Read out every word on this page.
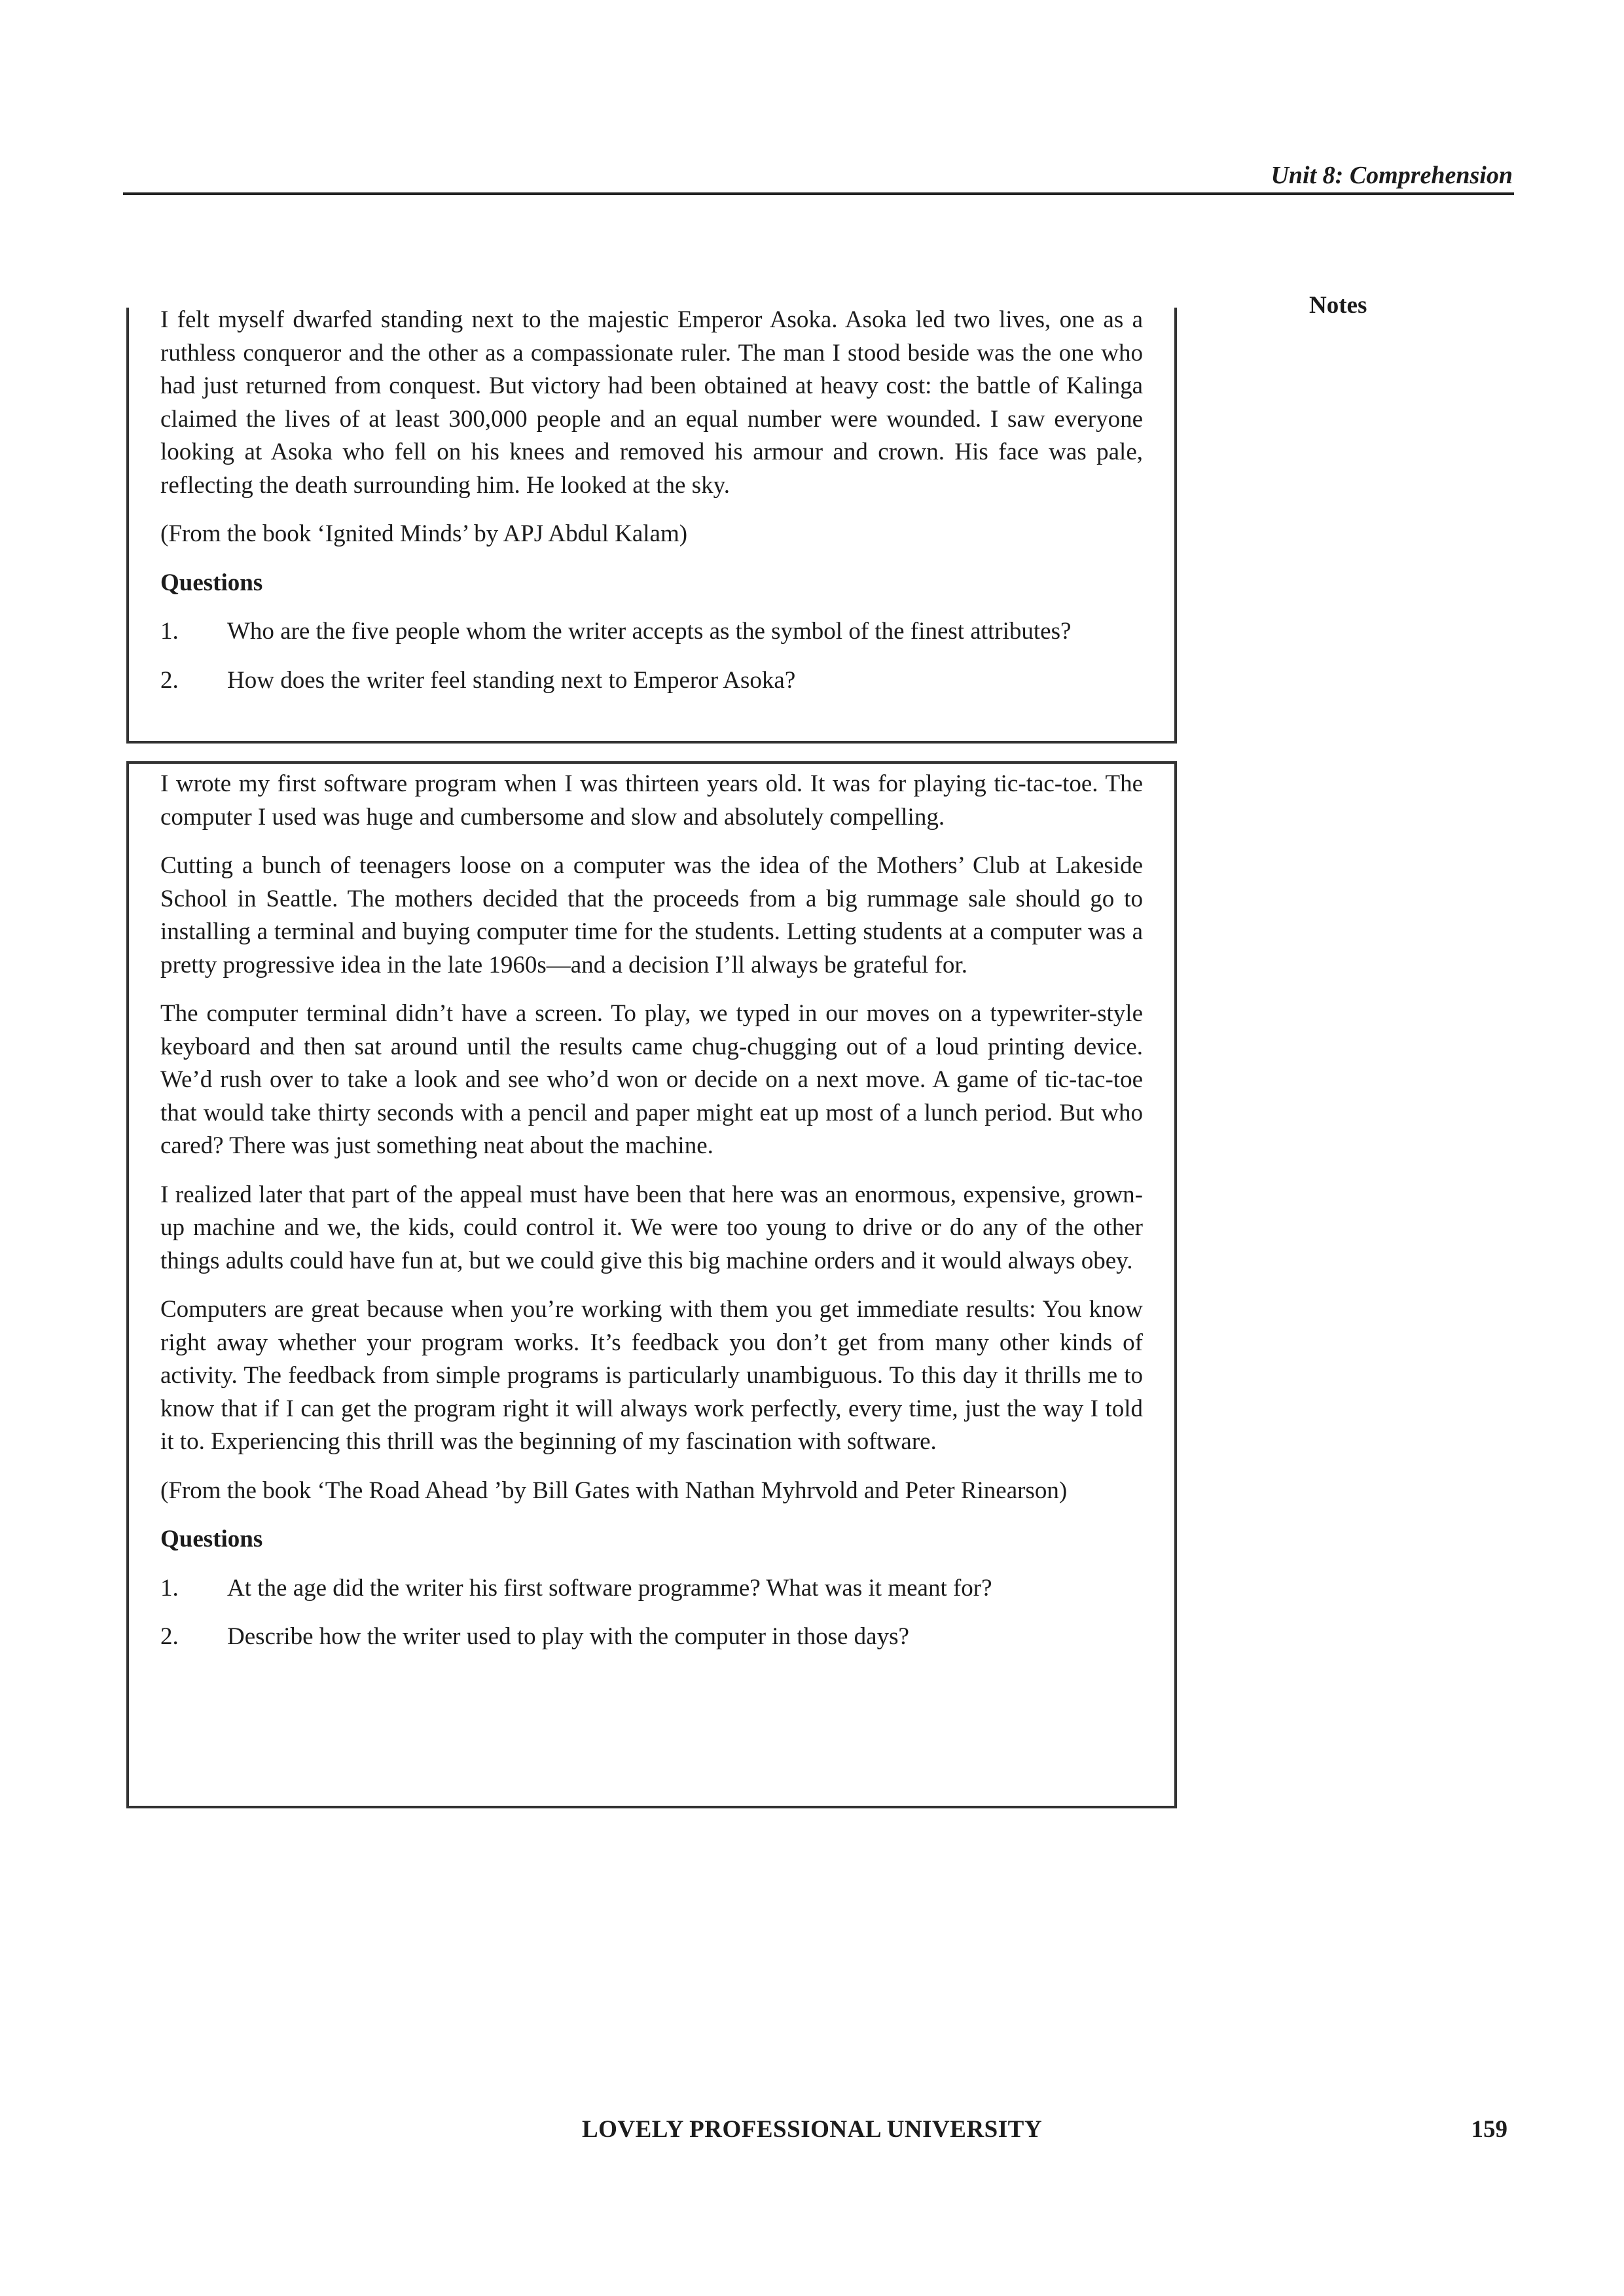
Unit 8: Comprehension
Notes

I felt myself dwarfed standing next to the majestic Emperor Asoka. Asoka led two lives, one as a ruthless conqueror and the other as a compassionate ruler. The man I stood beside was the one who had just returned from conquest. But victory had been obtained at heavy cost: the battle of Kalinga claimed the lives of at least 300,000 people and an equal number were wounded. I saw everyone looking at Asoka who fell on his knees and removed his armour and crown. His face was pale, reflecting the death surrounding him. He looked at the sky.

(From the book ‘Ignited Minds’ by APJ Abdul Kalam)

Questions
1.	Who are the five people whom the writer accepts as the symbol of the finest attributes?
2.	How does the writer feel standing next to Emperor Asoka?

I wrote my first software program when I was thirteen years old. It was for playing tic-tac-toe. The computer I used was huge and cumbersome and slow and absolutely compelling.

Cutting a bunch of teenagers loose on a computer was the idea of the Mothers’ Club at Lakeside School in Seattle. The mothers decided that the proceeds from a big rummage sale should go to installing a terminal and buying computer time for the students. Letting students at a computer was a pretty progressive idea in the late 1960s—and a decision I’ll always be grateful for.

The computer terminal didn’t have a screen. To play, we typed in our moves on a typewriter-style keyboard and then sat around until the results came chug-chugging out of a loud printing device. We’d rush over to take a look and see who’d won or decide on a next move. A game of tic-tac-toe that would take thirty seconds with a pencil and paper might eat up most of a lunch period. But who cared? There was just something neat about the machine.

I realized later that part of the appeal must have been that here was an enormous, expensive, grown-up machine and we, the kids, could control it. We were too young to drive or do any of the other things adults could have fun at, but we could give this big machine orders and it would always obey.

Computers are great because when you’re working with them you get immediate results: You know right away whether your program works. It’s feedback you don’t get from many other kinds of activity. The feedback from simple programs is particularly unambiguous. To this day it thrills me to know that if I can get the program right it will always work perfectly, every time, just the way I told it to. Experiencing this thrill was the beginning of my fascination with software.

(From the book ‘The Road Ahead ’by Bill Gates with Nathan Myhrvold and Peter Rinearson)

Questions
1.	At the age did the writer his first software programme? What was it meant for?
2.	Describe how the writer used to play with the computer in those days?
LOVELY PROFESSIONAL UNIVERSITY	159
